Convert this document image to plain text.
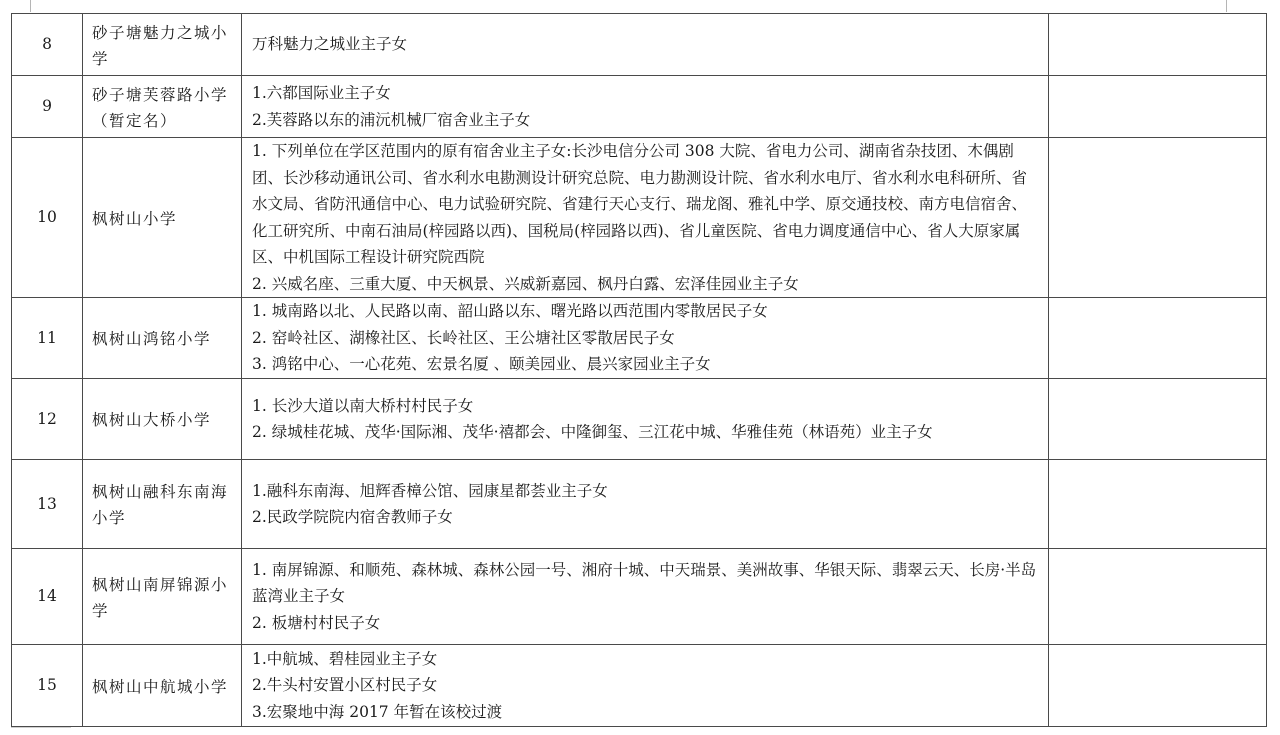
8	砂子塘魅力之城小学	万科魅力之城业主子女	

9	砂子塘芙蓉路小学（暂定名）	1.六都国际业主子女
2.芙蓉路以东的浦沅机械厂宿舍业主子女	

10	枫树山小学	1. 下列单位在学区范围内的原有宿舍业主子女:长沙电信分公司 308 大院、省电力公司、湖南省杂技团、木偶剧团、长沙移动通讯公司、省水利水电勘测设计研究总院、电力勘测设计院、省水利水电厅、省水利水电科研所、省水文局、省防汛通信中心、电力试验研究院、省建行天心支行、瑞龙阁、雅礼中学、原交通技校、南方电信宿舍、化工研究所、中南石油局(梓园路以西)、国税局(梓园路以西)、省儿童医院、省电力调度通信中心、省人大原家属区、中机国际工程设计研究院西院
2. 兴威名座、三重大厦、中天枫景、兴威新嘉园、枫丹白露、宏泽佳园业主子女	

11	枫树山鸿铭小学	1. 城南路以北、人民路以南、韶山路以东、曙光路以西范围内零散居民子女
2. 窑岭社区、湖橡社区、长岭社区、王公塘社区零散居民子女
3. 鸿铭中心、一心花苑、宏景名厦 、颐美园业、晨兴家园业主子女	

12	枫树山大桥小学	1. 长沙大道以南大桥村村民子女
2. 绿城桂花城、茂华·国际湘、茂华·禧都会、中隆御玺、三江花中城、华雅佳苑（林语苑）业主子女	

13	枫树山融科东南海小学	1.融科东南海、旭辉香樟公馆、园康星都荟业主子女
2.民政学院院内宿舍教师子女	

14	枫树山南屏锦源小学	1. 南屏锦源、和顺苑、森林城、森林公园一号、湘府十城、中天瑞景、美洲故事、华银天际、翡翠云天、长房·半岛蓝湾业主子女
2. 板塘村村民子女	

15	枫树山中航城小学	1.中航城、碧桂园业主子女
2.牛头村安置小区村民子女
3.宏聚地中海 2017 年暂在该校过渡	
